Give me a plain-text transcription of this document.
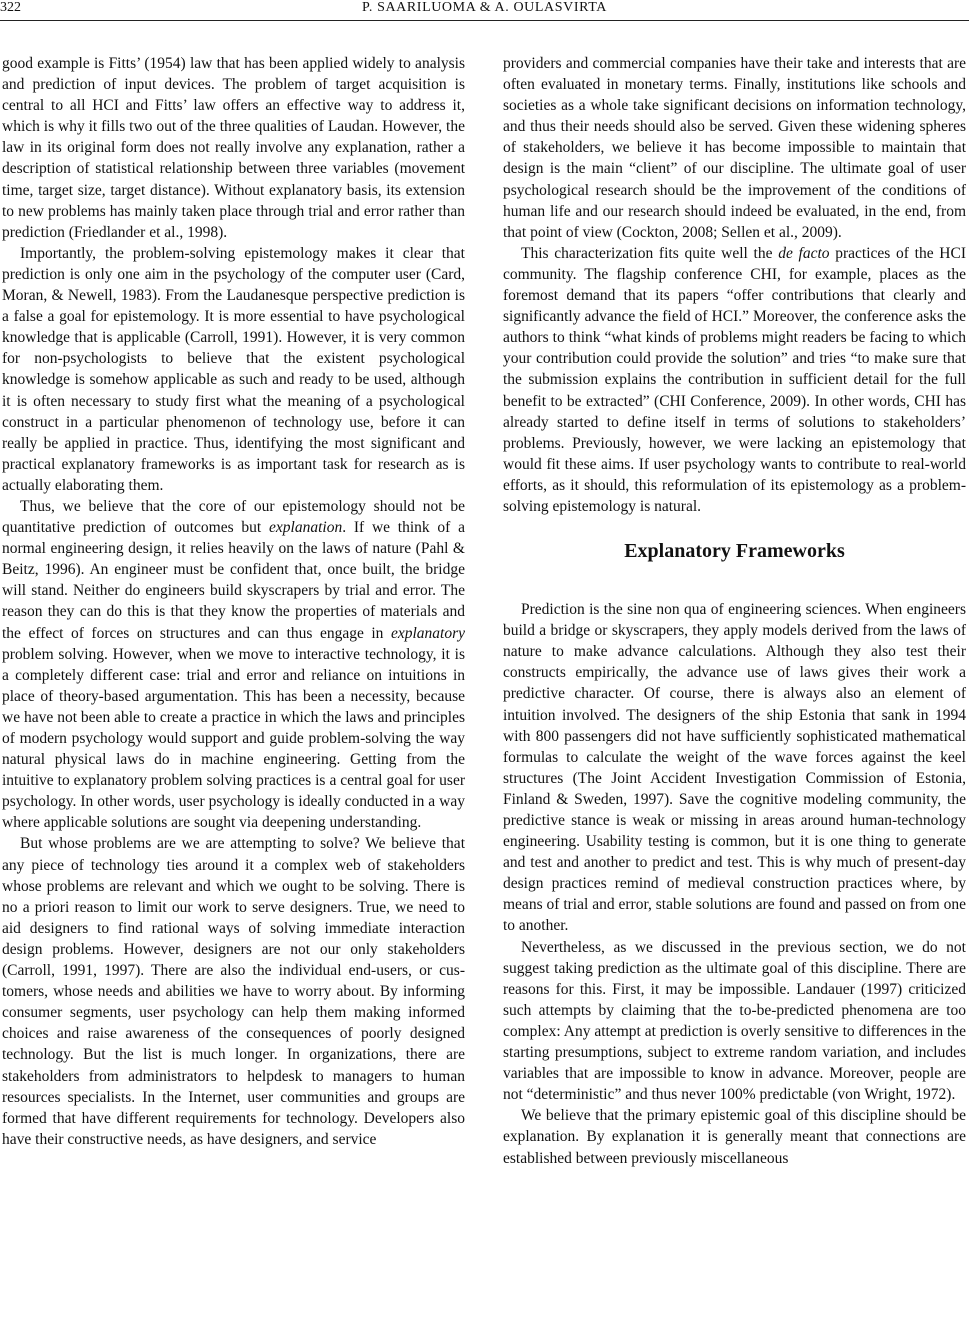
322	P. SAARILUOMA & A. OULASVIRTA

good example is Fitts’ (1954) law that has been applied widely to analysis and prediction of input devices. The problem of target acquisition is central to all HCI and Fitts’ law offers an effective way to address it, which is why it fills two out of the three qualities of Laudan. However, the law in its original form does not really involve any explanation, rather a description of statistical relationship between three variables (movement time, target size, target distance). Without explanatory basis, its extension to new problems has mainly taken place through trial and error rather than prediction (Friedlander et al., 1998).

Importantly, the problem-solving epistemology makes it clear that prediction is only one aim in the psychology of the computer user (Card, Moran, & Newell, 1983). From the Laudanesque perspective prediction is a false a goal for epistemology. It is more essential to have psychological knowledge that is applicable (Carroll, 1991). However, it is very common for non-psychologists to believe that the existent psychological knowledge is somehow applicable as such and ready to be used, although it is often necessary to study first what the meaning of a psychological construct in a particular phenomenon of technology use, before it can really be applied in practice. Thus, identifying the most significant and practical explanatory frameworks is as important task for research as is actually elaborating them.

Thus, we believe that the core of our epistemology should not be quantitative prediction of outcomes but explanation. If we think of a normal engineering design, it relies heavily on the laws of nature (Pahl & Beitz, 1996). An engineer must be confident that, once built, the bridge will stand. Neither do engineers build skyscrapers by trial and error. The reason they can do this is that they know the properties of materials and the effect of forces on structures and can thus engage in explanatory problem solving. However, when we move to interactive technology, it is a completely different case: trial and error and reliance on intuitions in place of theory-based argumentation. This has been a necessity, because we have not been able to create a practice in which the laws and principles of modern psychology would support and guide problem-solving the way natural physical laws do in machine engineering. Getting from the intuitive to explanatory problem solving practices is a central goal for user psychology. In other words, user psychology is ideally conducted in a way where applicable solutions are sought via deepening understanding.

But whose problems are we are attempting to solve? We believe that any piece of technology ties around it a complex web of stakeholders whose problems are relevant and which we ought to be solving. There is no a priori reason to limit our work to serve designers. True, we need to aid designers to find rational ways of solving immediate interaction design problems. However, designers are not our only stakeholders (Carroll, 1991, 1997). There are also the individual end-users, or customers, whose needs and abilities we have to worry about. By informing consumer segments, user psychology can help them making informed choices and raise awareness of the consequences of poorly designed technology. But the list is much longer. In organizations, there are stakeholders from administrators to helpdesk to managers to human resources specialists. In the Internet, user communities and groups are formed that have different requirements for technology. Developers also have their constructive needs, as have designers, and service

providers and commercial companies have their take and interests that are often evaluated in monetary terms. Finally, institutions like schools and societies as a whole take significant decisions on information technology, and thus their needs should also be served. Given these widening spheres of stakeholders, we believe it has become impossible to maintain that design is the main “client” of our discipline. The ultimate goal of user psychological research should be the improvement of the conditions of human life and our research should indeed be evaluated, in the end, from that point of view (Cockton, 2008; Sellen et al., 2009).

This characterization fits quite well the de facto practices of the HCI community. The flagship conference CHI, for example, places as the foremost demand that its papers “offer contributions that clearly and significantly advance the field of HCI.” Moreover, the conference asks the authors to think “what kinds of problems might readers be facing to which your contribution could provide the solution” and tries “to make sure that the submission explains the contribution in sufficient detail for the full benefit to be extracted” (CHI Conference, 2009). In other words, CHI has already started to define itself in terms of solutions to stakeholders’ problems. Previously, however, we were lacking an epistemology that would fit these aims. If user psychology wants to contribute to real-world efforts, as it should, this reformulation of its epistemology as a problem-solving epistemology is natural.

Explanatory Frameworks

Prediction is the sine non qua of engineering sciences. When engineers build a bridge or skyscrapers, they apply models derived from the laws of nature to make advance calculations. Although they also test their constructs empirically, the advance use of laws gives their work a predictive character. Of course, there is always also an element of intuition involved. The designers of the ship Estonia that sank in 1994 with 800 passengers did not have sufficiently sophisticated mathematical formulas to calculate the weight of the wave forces against the keel structures (The Joint Accident Investigation Commission of Estonia, Finland & Sweden, 1997). Save the cognitive modeling community, the predictive stance is weak or missing in areas around human-technology engineering. Usability testing is common, but it is one thing to generate and test and another to predict and test. This is why much of present-day design practices remind of medieval construction practices where, by means of trial and error, stable solutions are found and passed on from one to another.

Nevertheless, as we discussed in the previous section, we do not suggest taking prediction as the ultimate goal of this discipline. There are reasons for this. First, it may be impossible. Landauer (1997) criticized such attempts by claiming that the to-be-predicted phenomena are too complex: Any attempt at prediction is overly sensitive to differences in the starting presumptions, subject to extreme random variation, and includes variables that are impossible to know in advance. Moreover, people are not “deterministic” and thus never 100% predictable (von Wright, 1972).

We believe that the primary epistemic goal of this discipline should be explanation. By explanation it is generally meant that connections are established between previously miscellaneous
